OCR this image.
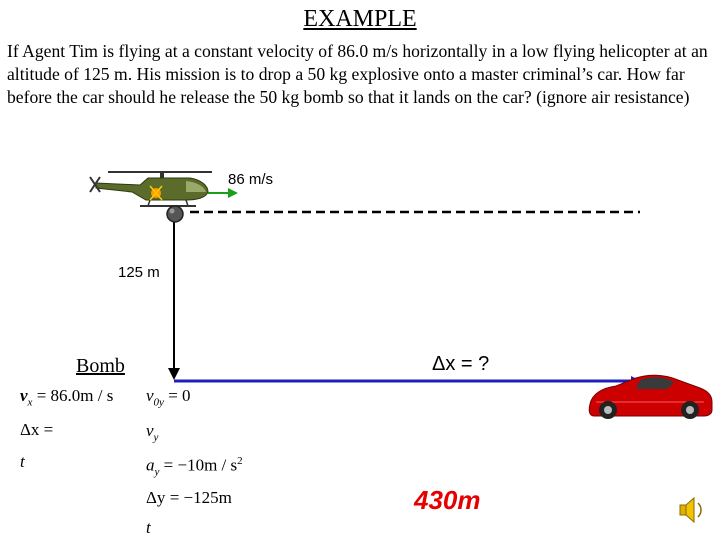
EXAMPLE
If Agent Tim is flying at a constant velocity of 86.0 m/s horizontally in a low flying helicopter at an altitude of 125 m. His mission is to drop a 50 kg explosive onto a master criminal’s car. How far before the car should he release the 50 kg bomb so that it lands on the car? (ignore air resistance)
86 m/s
125 m
Bomb	Δx = ?
430m
$v_x = 86.0m / s$
Δx =
t
$v_{0y} = 0$
$v_y$
$a_y = -10m / s^2$
Δy = −125m
t
